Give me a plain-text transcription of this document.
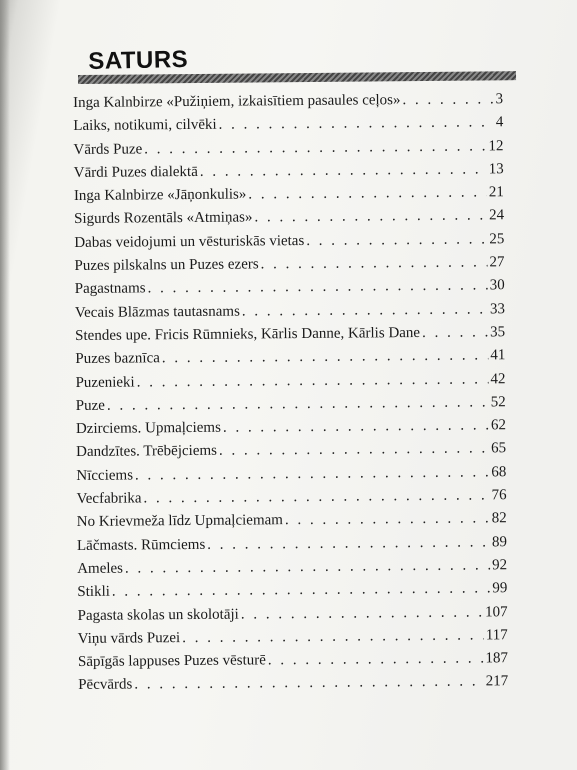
SATURS
Inga Kalnbirze «Pužiņiem, izkaisītiem pasaules ceļos» . . .	3
Laiks, notikumi, cilvēki . . .	4
Vārds Puze . . .	12
Vārdi Puzes dialektā . . .	13
Inga Kalnbirze «Jāņonkulis» . . .	21
Sigurds Rozentāls «Atmiņas» . . .	24
Dabas veidojumi un vēsturiskās vietas . . .	25
Puzes pilskalns un Puzes ezers . . .	27
Pagastnams . . .	30
Vecais Blāzmas tautasnams . . .	33
Stendes upe. Fricis Rūmnieks, Kārlis Danne, Kārlis Dane . . .	35
Puzes baznīca . . .	41
Puzenieki . . .	42
Puze . . .	52
Dzirciems. Upmaļciems . . .	62
Dandzītes. Trēbējciems . . .	65
Nīcciems . . .	68
Vecfabrika . . .	76
No Krievmeža līdz Upmaļciemam . . .	82
Lāčmasts. Rūmciems . . .	89
Ameles . . .	92
Stikli . . .	99
Pagasta skolas un skolotāji . . .	107
Viņu vārds Puzei . . .	117
Sāpīgās lappuses Puzes vēsturē . . .	187
Pēcvārds . . .	217
